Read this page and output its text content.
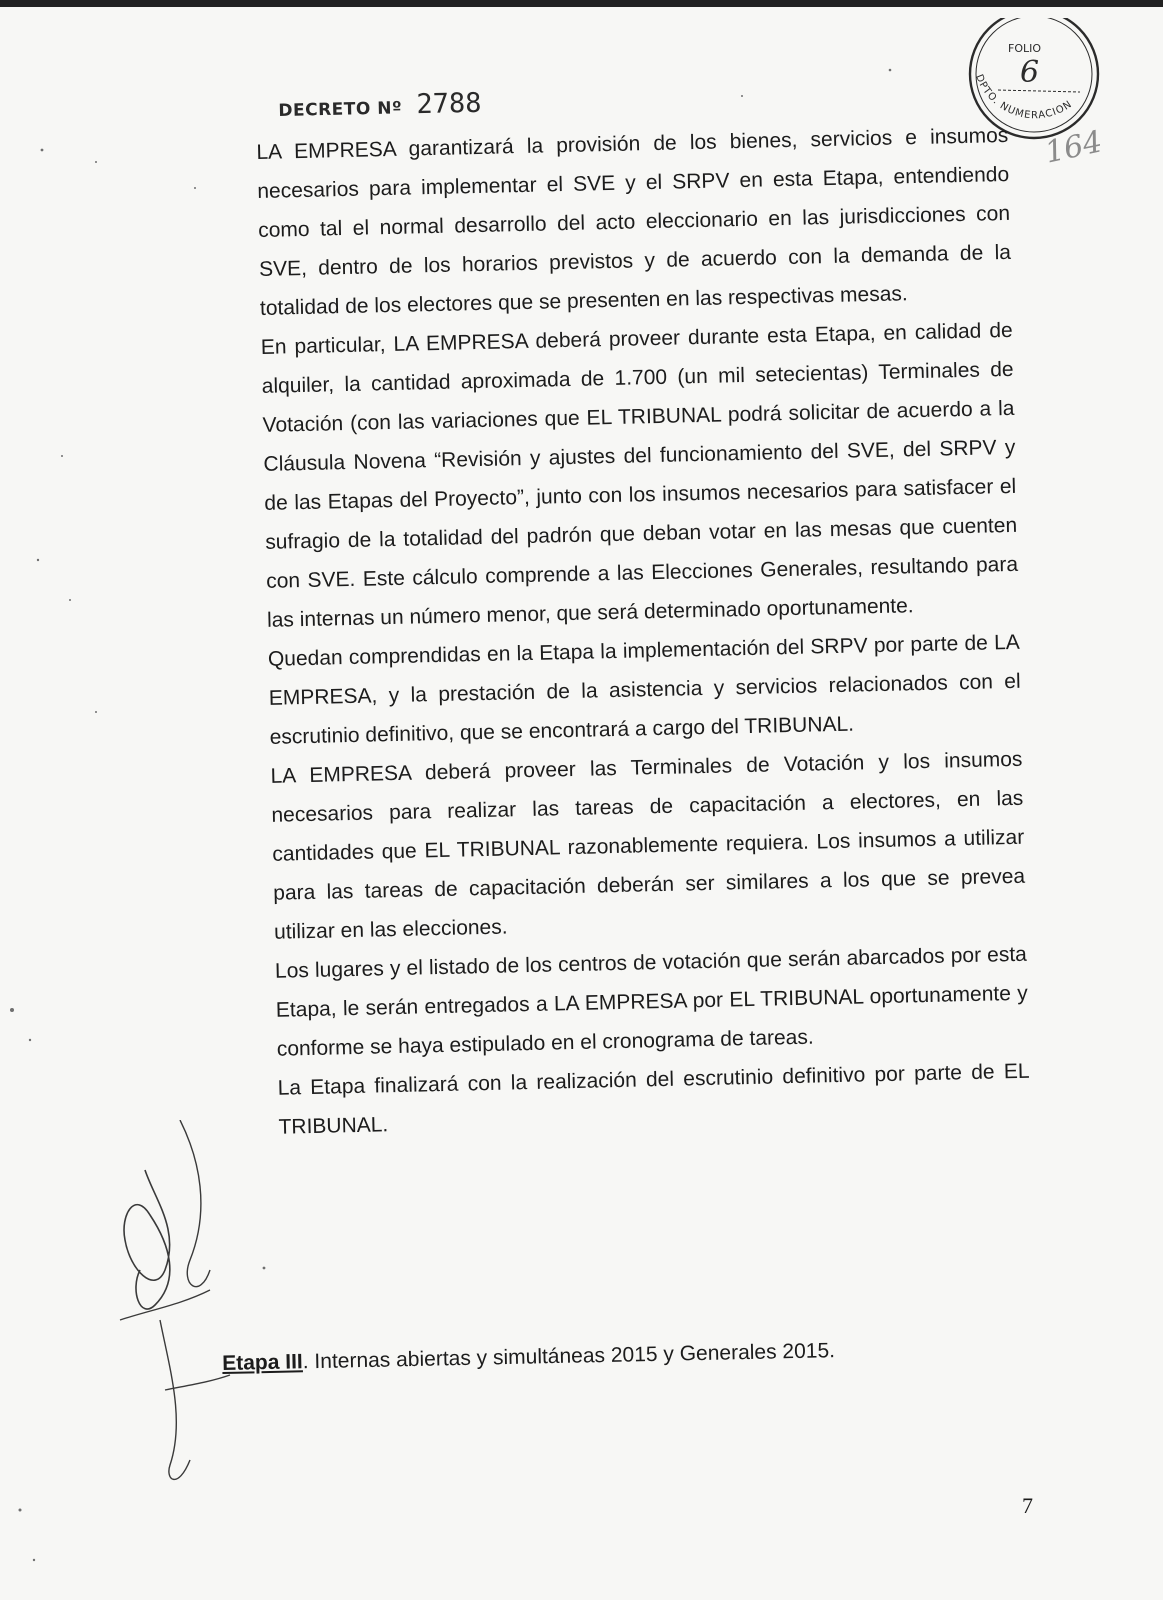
DECRETO Nº 2788
FOLIO
6
DPTO. NUMERACION
164

LA EMPRESA garantizará la provisión de los bienes, servicios e insumos necesarios para implementar el SVE y el SRPV en esta Etapa, entendiendo como tal el normal desarrollo del acto eleccionario en las jurisdicciones con SVE, dentro de los horarios previstos y de acuerdo con la demanda de la totalidad de los electores que se presenten en las respectivas mesas.

En particular, LA EMPRESA deberá proveer durante esta Etapa, en calidad de alquiler, la cantidad aproximada de 1.700 (un mil setecientas) Terminales de Votación (con las variaciones que EL TRIBUNAL podrá solicitar de acuerdo a la Cláusula Novena “Revisión y ajustes del funcionamiento del SVE, del SRPV y de las Etapas del Proyecto”, junto con los insumos necesarios para satisfacer el sufragio de la totalidad del padrón que deban votar en las mesas que cuenten con SVE. Este cálculo comprende a las Elecciones Generales, resultando para las internas un número menor, que será determinado oportunamente.

Quedan comprendidas en la Etapa la implementación del SRPV por parte de LA EMPRESA, y la prestación de la asistencia y servicios relacionados con el escrutinio definitivo, que se encontrará a cargo del TRIBUNAL.

LA EMPRESA deberá proveer las Terminales de Votación y los insumos necesarios para realizar las tareas de capacitación a electores, en las cantidades que EL TRIBUNAL razonablemente requiera. Los insumos a utilizar para las tareas de capacitación deberán ser similares a los que se prevea utilizar en las elecciones.

Los lugares y el listado de los centros de votación que serán abarcados por esta Etapa, le serán entregados a LA EMPRESA por EL TRIBUNAL oportunamente y conforme se haya estipulado en el cronograma de tareas.

La Etapa finalizará con la realización del escrutinio definitivo por parte de EL TRIBUNAL.

Etapa III. Internas abiertas y simultáneas 2015 y Generales 2015.
7
